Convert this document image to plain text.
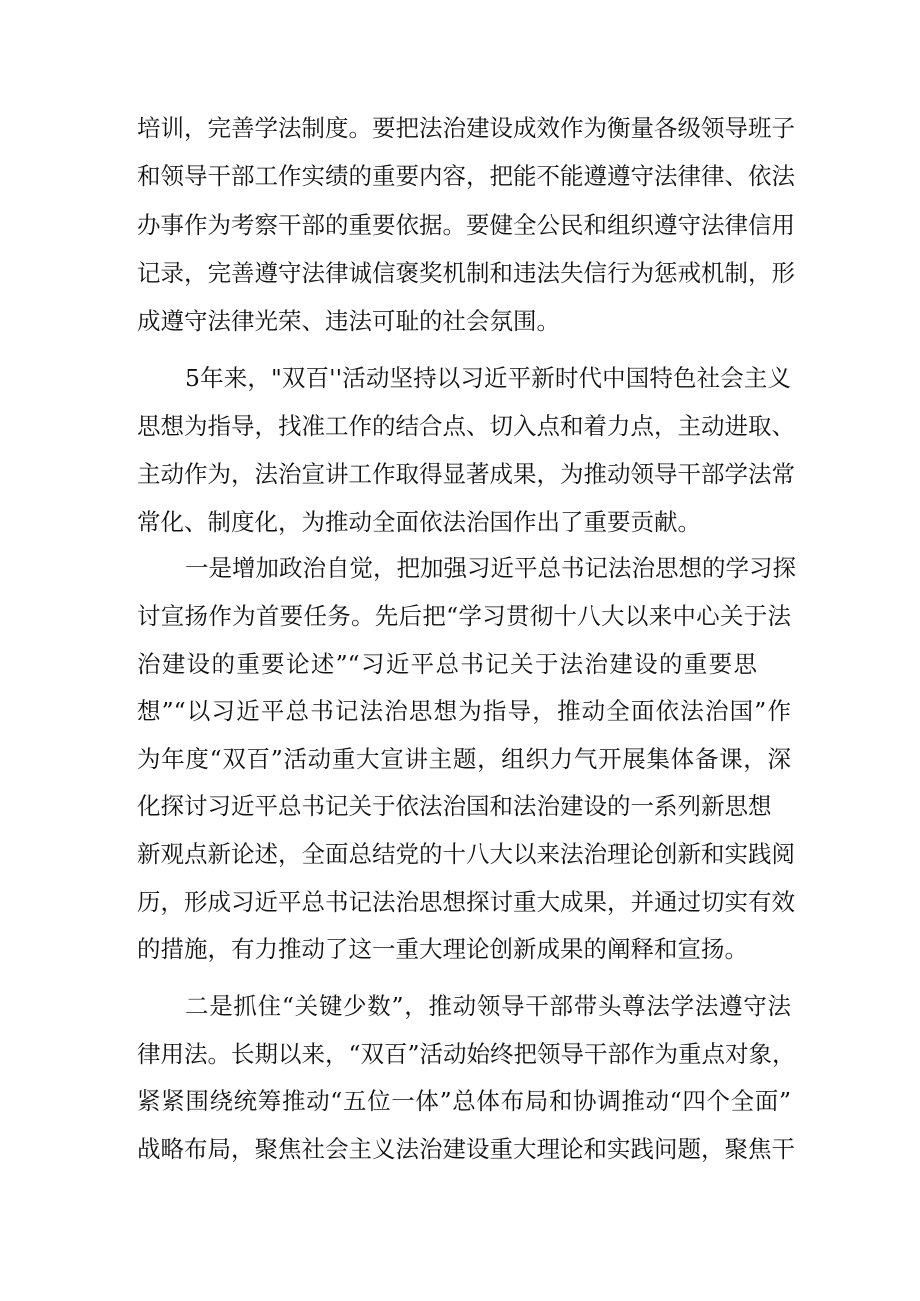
培训，完善学法制度。要把法治建设成效作为衡量各级领导班子
和领导干部工作实绩的重要内容，把能不能遵遵守法律律、依法
办事作为考察干部的重要依据。要健全公民和组织遵守法律信用
记录，完善遵守法律诚信褒奖机制和违法失信行为惩戒机制，形
成遵守法律光荣、违法可耻的社会氛围。
5年来，"双百''活动坚持以习近平新时代中国特色社会主义
思想为指导，找准工作的结合点、切入点和着力点，主动进取、
主动作为，法治宣讲工作取得显著成果，为推动领导干部学法常
常化、制度化，为推动全面依法治国作出了重要贡献。
一是增加政治自觉，把加强习近平总书记法治思想的学习探
讨宣扬作为首要任务。先后把“学习贯彻十八大以来中心关于法
治建设的重要论述”“习近平总书记关于法治建设的重要思
想”“以习近平总书记法治思想为指导，推动全面依法治国”作
为年度“双百”活动重大宣讲主题，组织力气开展集体备课，深
化探讨习近平总书记关于依法治国和法治建设的一系列新思想
新观点新论述，全面总结党的十八大以来法治理论创新和实践阅
历，形成习近平总书记法治思想探讨重大成果，并通过切实有效
的措施，有力推动了这一重大理论创新成果的阐释和宣扬。
二是抓住“关键少数”，推动领导干部带头尊法学法遵守法
律用法。长期以来，“双百”活动始终把领导干部作为重点对象，
紧紧围绕统筹推动“五位一体”总体布局和协调推动“四个全面”
战略布局，聚焦社会主义法治建设重大理论和实践问题，聚焦干
